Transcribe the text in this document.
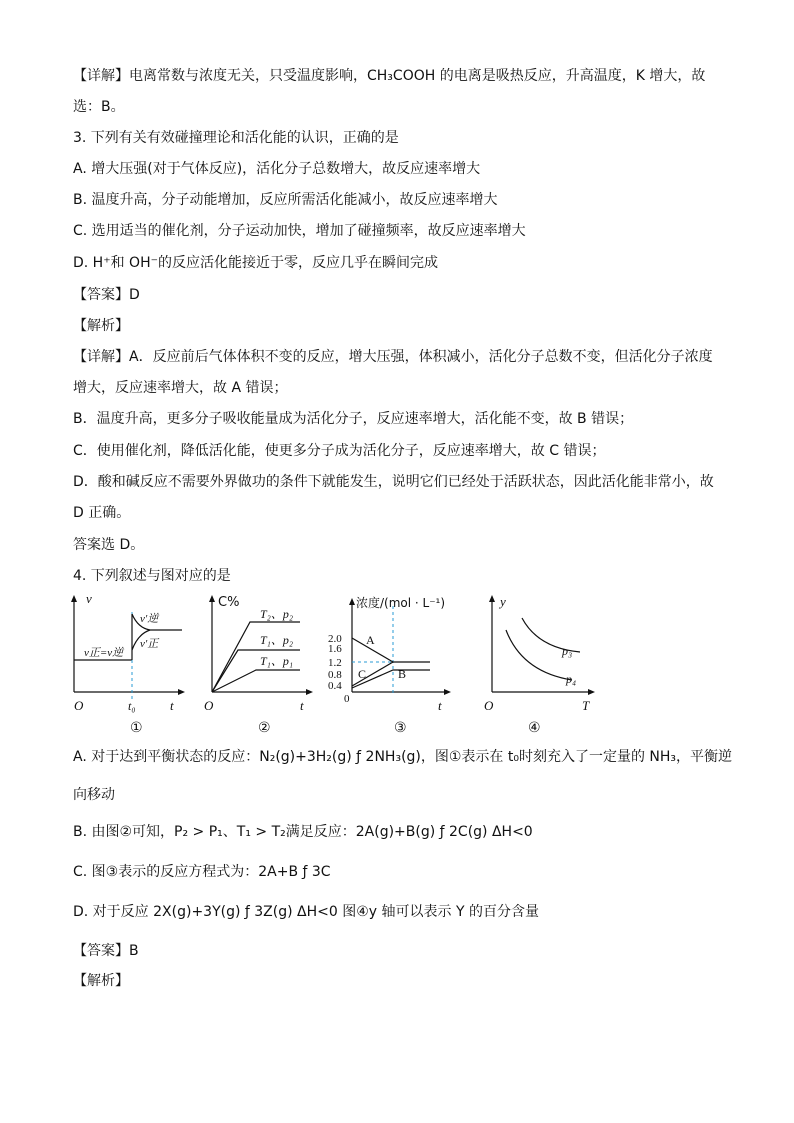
【详解】电离常数与浓度无关，只受温度影响，CH₃COOH 的电离是吸热反应，升高温度，K 增大，故
选：B。
3. 下列有关有效碰撞理论和活化能的认识，正确的是
A. 增大压强(对于气体反应)，活化分子总数增大，故反应速率增大
B. 温度升高，分子动能增加，反应所需活化能减小，故反应速率增大
C. 选用适当的催化剂，分子运动加快，增加了碰撞频率，故反应速率增大
D. H⁺和 OH⁻的反应活化能接近于零，反应几乎在瞬间完成
【答案】D
【解析】
【详解】A．反应前后气体体积不变的反应，增大压强，体积减小，活化分子总数不变，但活化分子浓度
增大，反应速率增大，故 A 错误；
B．温度升高，更多分子吸收能量成为活化分子，反应速率增大，活化能不变，故 B 错误；
C．使用催化剂，降低活化能，使更多分子成为活化分子，反应速率增大，故 C 错误；
D．酸和碱反应不需要外界做功的条件下就能发生，说明它们已经处于活跃状态，因此活化能非常小，故
D 正确。
答案选 D。
4. 下列叙述与图对应的是
v
t
O	t₀
v′逆
v′正
v正=v逆
①
C%
t
O
T₂、p₂
T₁、p₂
T₁、p₁
②
浓度/(mol · L⁻¹)
2.0
1.6
1.2
0.8
0.4
0	t
A
B
C
③
y
T
O
p₃
p₄
④
A. 对于达到平衡状态的反应：N₂(g)+3H₂(g) ƒ 2NH₃(g)，图①表示在 t₀时刻充入了一定量的 NH₃，平衡逆
向移动
B. 由图②可知，P₂ > P₁、T₁ > T₂满足反应：2A(g)+B(g) ƒ 2C(g) ΔH<0
C. 图③表示的反应方程式为：2A+B ƒ 3C
D. 对于反应 2X(g)+3Y(g) ƒ 3Z(g) ΔH<0 图④y 轴可以表示 Y 的百分含量
【答案】B
【解析】
